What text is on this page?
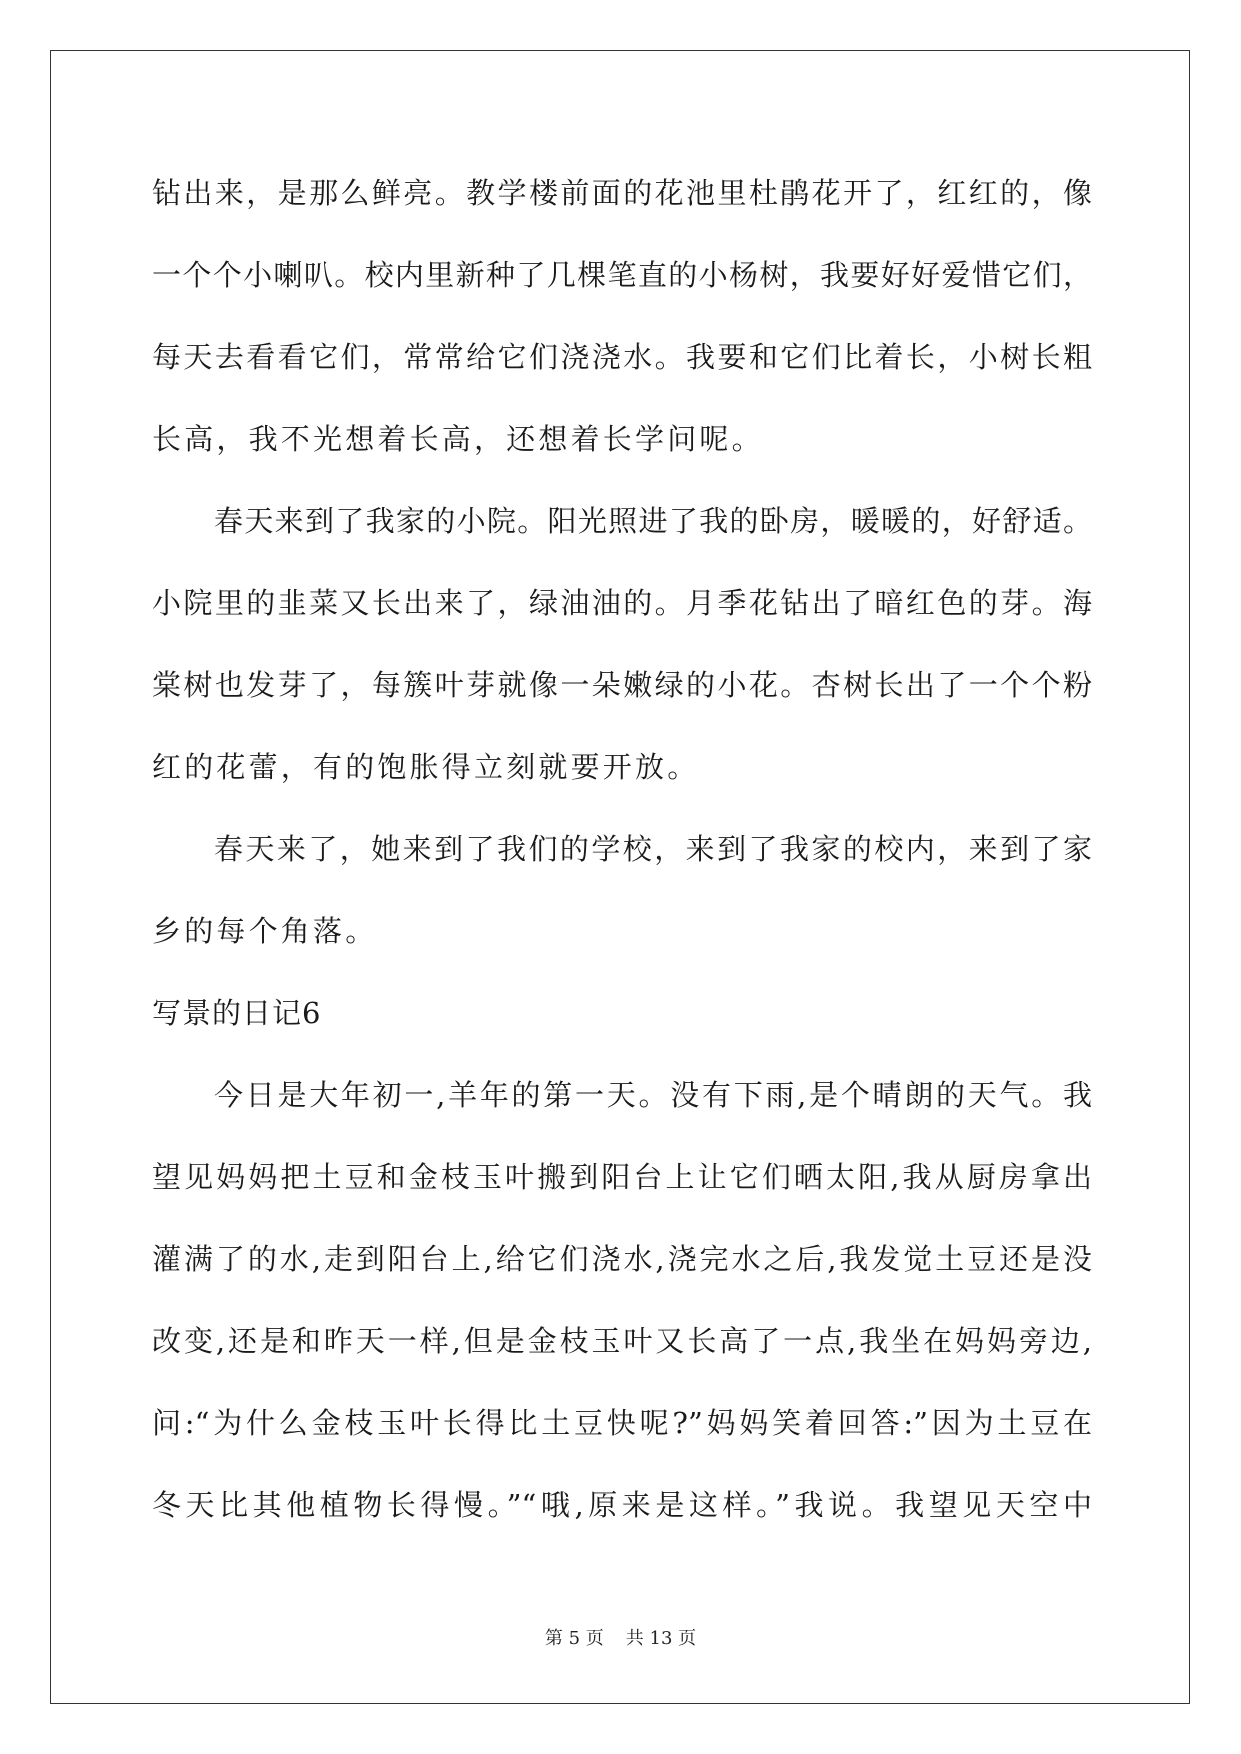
钻出来，是那么鲜亮。教学楼前面的花池里杜鹃花开了，红红的，像
一个个小喇叭。校内里新种了几棵笔直的小杨树，我要好好爱惜它们，
每天去看看它们，常常给它们浇浇水。我要和它们比着长，小树长粗
长高，我不光想着长高，还想着长学问呢。
春天来到了我家的小院。阳光照进了我的卧房，暖暖的，好舒适。
小院里的韭菜又长出来了，绿油油的。月季花钻出了暗红色的芽。海
棠树也发芽了，每簇叶芽就像一朵嫩绿的小花。杏树长出了一个个粉
红的花蕾，有的饱胀得立刻就要开放。
春天来了，她来到了我们的学校，来到了我家的校内，来到了家
乡的每个角落。
写景的日记6
今日是大年初一,羊年的第一天。没有下雨,是个晴朗的天气。我
望见妈妈把土豆和金枝玉叶搬到阳台上让它们晒太阳,我从厨房拿出
灌满了的水,走到阳台上,给它们浇水,浇完水之后,我发觉土豆还是没
改变,还是和昨天一样,但是金枝玉叶又长高了一点,我坐在妈妈旁边,
问:“为什么金枝玉叶长得比土豆快呢?”妈妈笑着回答:”因为土豆在
冬天比其他植物长得慢。”“哦,原来是这样。”我说。我望见天空中
第 5 页 共 13 页
